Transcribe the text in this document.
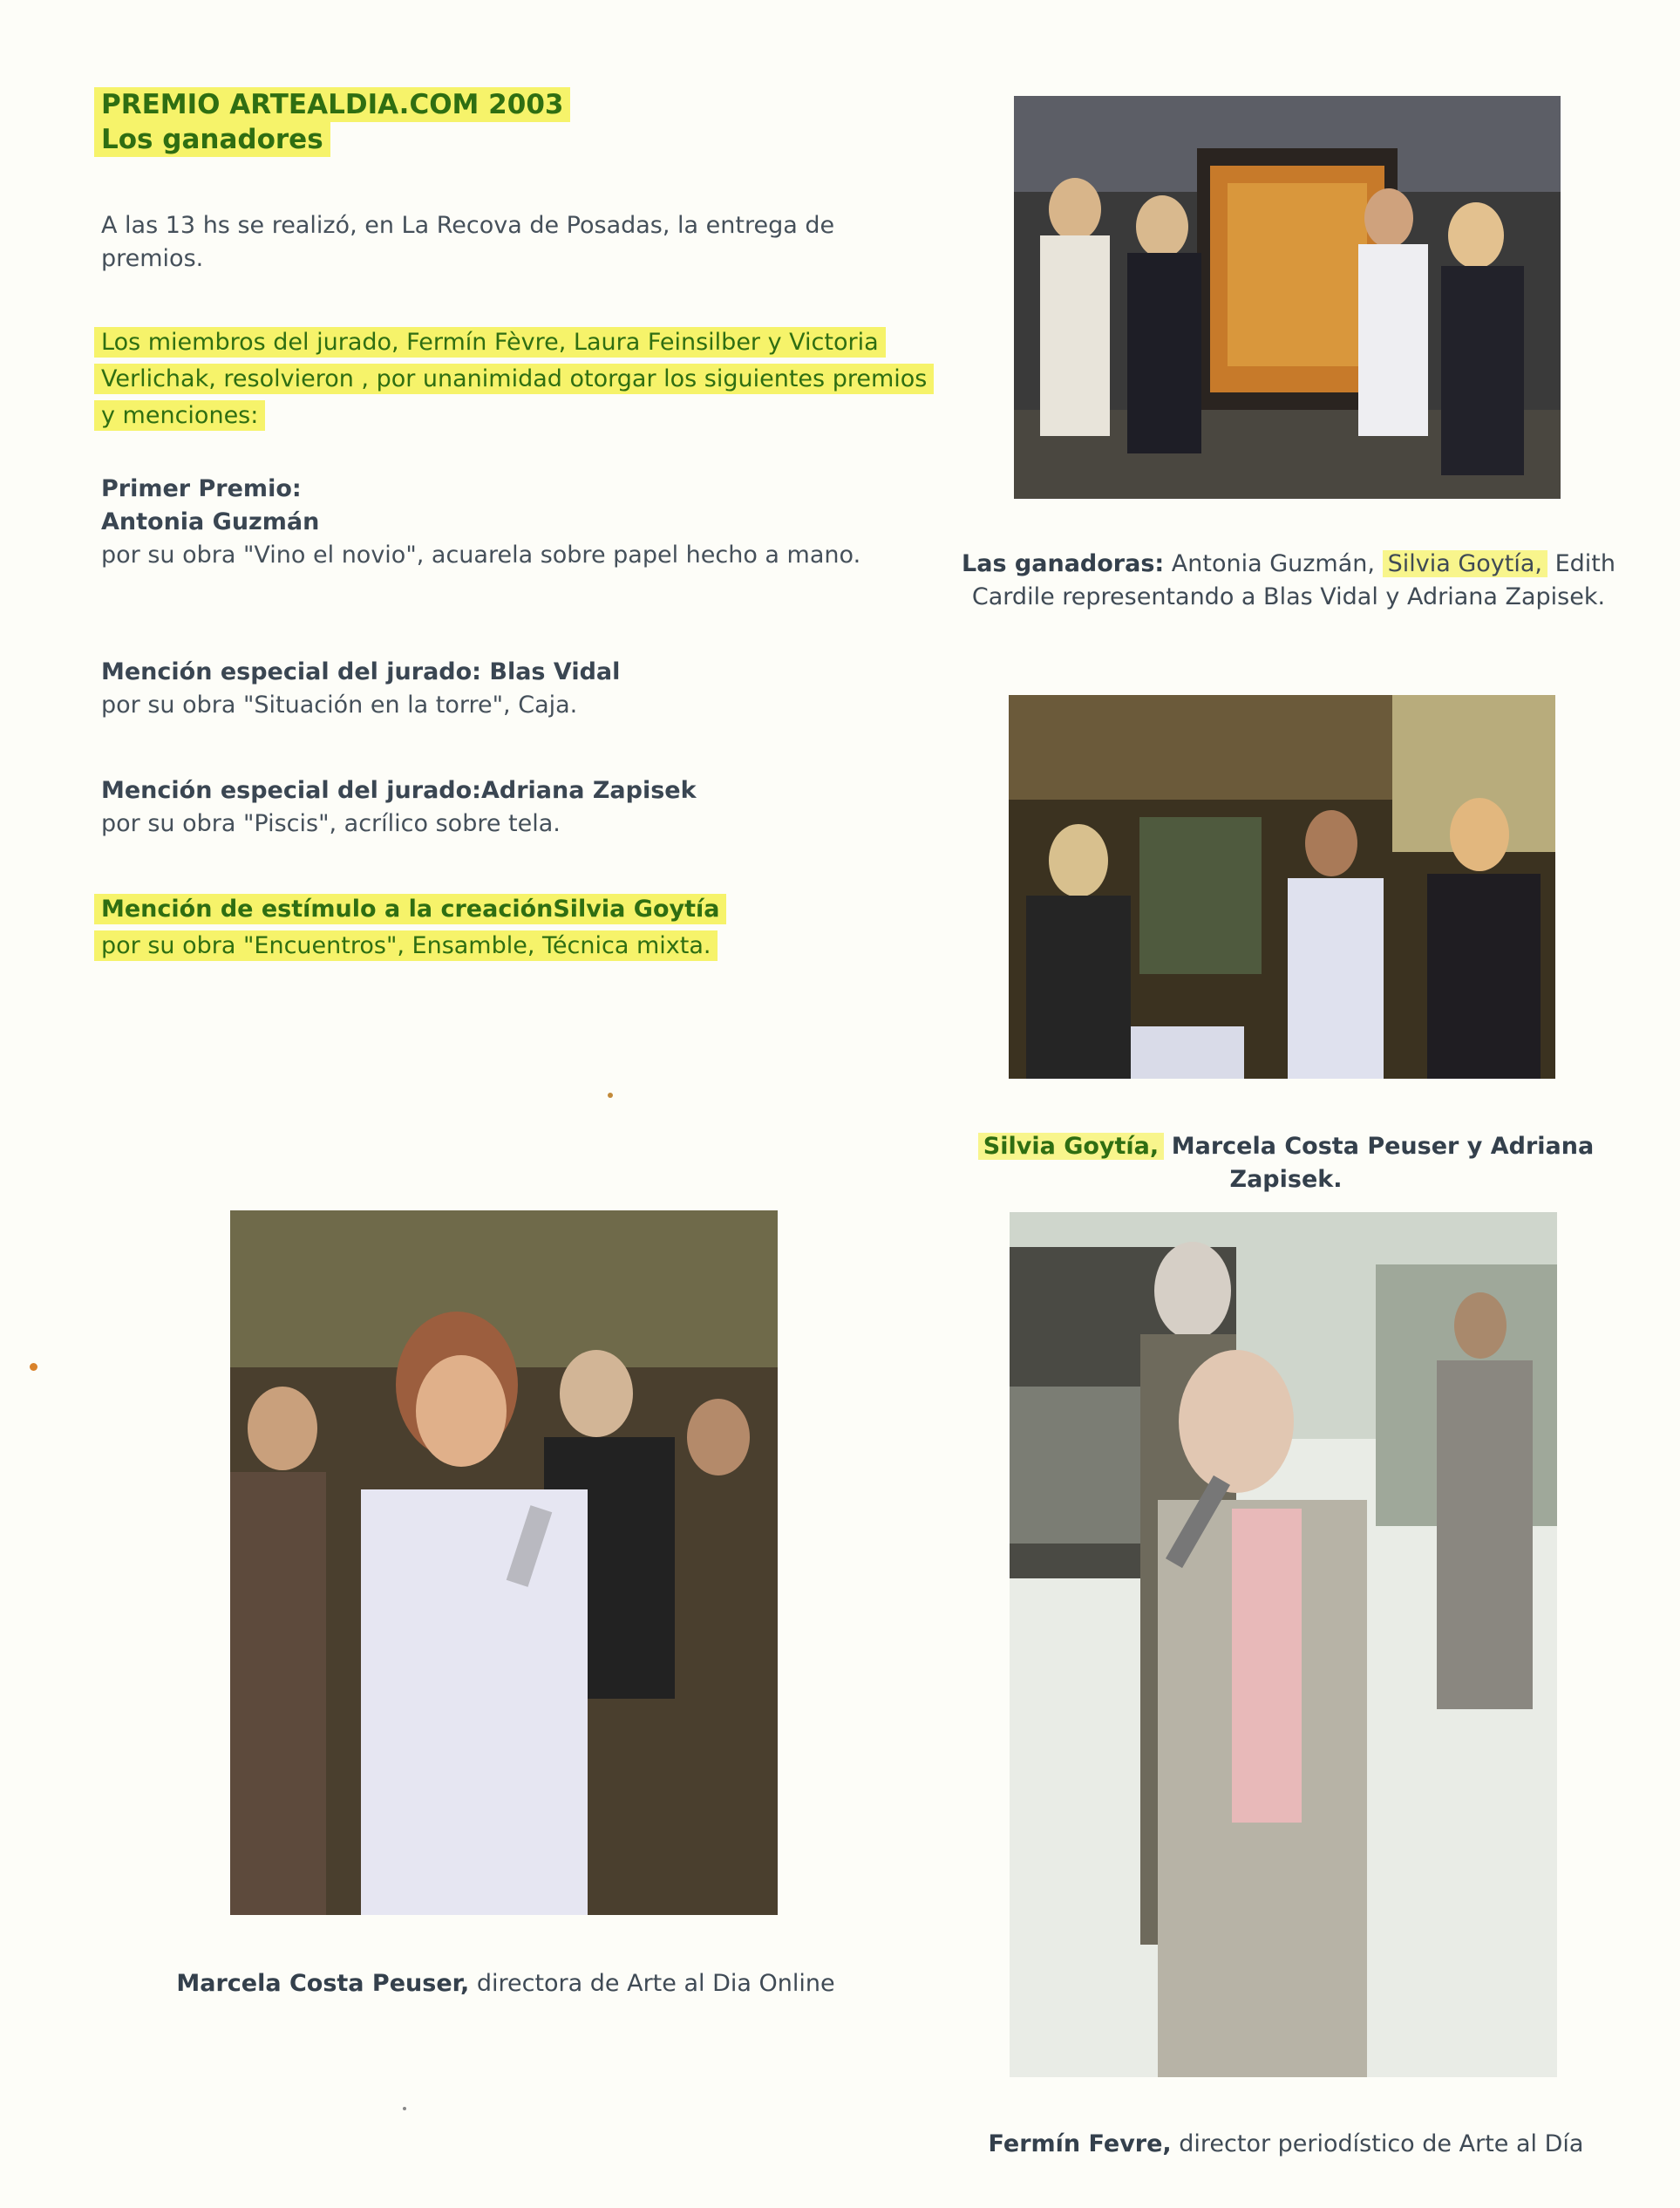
PREMIO ARTEALDIA.COM 2003
Los ganadores
A las 13 hs se realizó, en La Recova de Posadas, la entrega de premios.
Los miembros del jurado, Fermín Fèvre, Laura Feinsilber y Victoria Verlichak, resolvieron , por unanimidad otorgar los siguientes premios y menciones:
Primer Premio:
Antonia Guzmán
por su obra "Vino el novio", acuarela sobre papel hecho a mano.
Mención especial del jurado: Blas Vidal
por su obra "Situación en la torre", Caja.
Mención especial del jurado:Adriana Zapisek
por su obra "Piscis", acrílico sobre tela.
Mención de estímulo a la creaciónSilvia Goytía
por su obra "Encuentros", Ensamble, Técnica mixta.
Las ganadoras: Antonia Guzmán, Silvia Goytía, Edith Cardile representando a Blas Vidal y Adriana Zapisek.
Silvia Goytía, Marcela Costa Peuser y Adriana Zapisek.
Marcela Costa Peuser, directora de Arte al Dia Online
Fermín Fevre, director periodístico de Arte al Día
